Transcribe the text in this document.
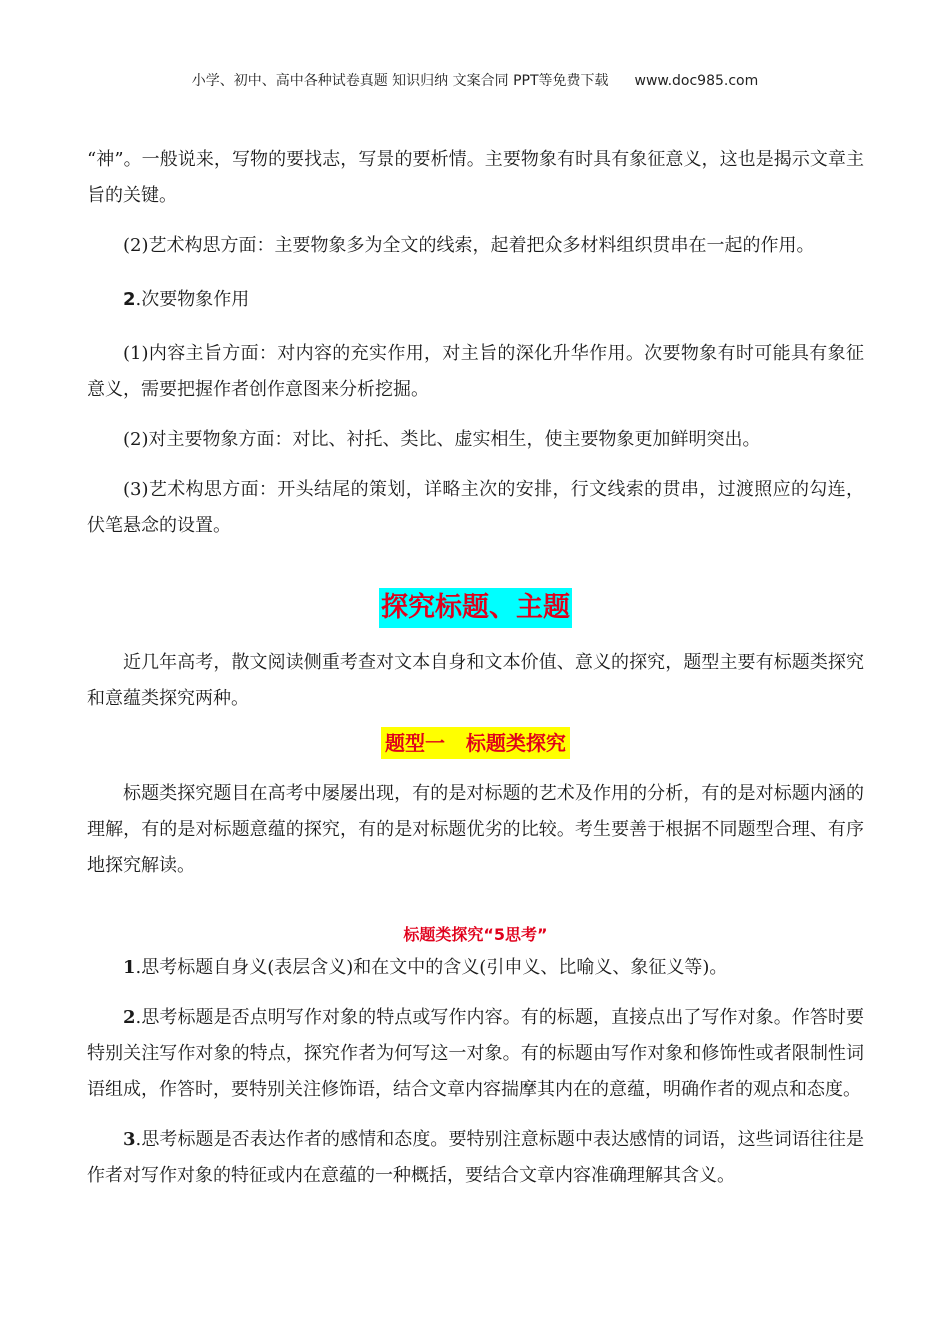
小学、初中、高中各种试卷真题 知识归纳 文案合同 PPT等免费下载 www.doc985.com

“神”。一般说来，写物的要找志，写景的要析情。主要物象有时具有象征意义，这也是揭示文章主旨的关键。

(2)艺术构思方面：主要物象多为全文的线索，起着把众多材料组织贯串在一起的作用。

2.次要物象作用

(1)内容主旨方面：对内容的充实作用，对主旨的深化升华作用。次要物象有时可能具有象征意义，需要把握作者创作意图来分析挖掘。

(2)对主要物象方面：对比、衬托、类比、虚实相生，使主要物象更加鲜明突出。

(3)艺术构思方面：开头结尾的策划，详略主次的安排，行文线索的贯串，过渡照应的勾连，伏笔悬念的设置。

探究标题、主题

近几年高考，散文阅读侧重考查对文本自身和文本价值、意义的探究，题型主要有标题类探究和意蕴类探究两种。

题型一   标题类探究

标题类探究题目在高考中屡屡出现，有的是对标题的艺术及作用的分析，有的是对标题内涵的理解，有的是对标题意蕴的探究，有的是对标题优劣的比较。考生要善于根据不同题型合理、有序地探究解读。

标题类探究“5思考”

1.思考标题自身义(表层含义)和在文中的含义(引申义、比喻义、象征义等)。

2.思考标题是否点明写作对象的特点或写作内容。有的标题，直接点出了写作对象。作答时要特别关注写作对象的特点，探究作者为何写这一对象。有的标题由写作对象和修饰性或者限制性词语组成，作答时，要特别关注修饰语，结合文章内容揣摩其内在的意蕴，明确作者的观点和态度。

3.思考标题是否表达作者的感情和态度。要特别注意标题中表达感情的词语，这些词语往往是作者对写作对象的特征或内在意蕴的一种概括，要结合文章内容准确理解其含义。
